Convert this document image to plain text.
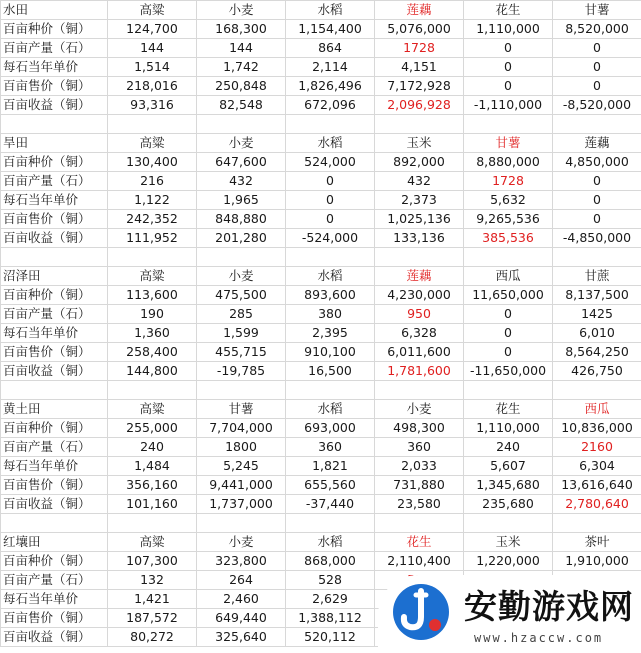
水田	高粱	小麦	水稻	莲藕	花生	甘薯
百亩种价（铜）	124,700	168,300	1,154,400	5,076,000	1,110,000	8,520,000
百亩产量（石）	144	144	864	1728	0	0
每石当年单价	1,514	1,742	2,114	4,151	0	0
百亩售价（铜）	218,016	250,848	1,826,496	7,172,928	0	0
百亩收益（铜）	93,316	82,548	672,096	2,096,928	-1,110,000	-8,520,000

旱田	高粱	小麦	水稻	玉米	甘薯	莲藕
百亩种价（铜）	130,400	647,600	524,000	892,000	8,880,000	4,850,000
百亩产量（石）	216	432	0	432	1728	0
每石当年单价	1,122	1,965	0	2,373	5,632	0
百亩售价（铜）	242,352	848,880	0	1,025,136	9,265,536	0
百亩收益（铜）	111,952	201,280	-524,000	133,136	385,536	-4,850,000

沼泽田	高粱	小麦	水稻	莲藕	西瓜	甘蔗
百亩种价（铜）	113,600	475,500	893,600	4,230,000	11,650,000	8,137,500
百亩产量（石）	190	285	380	950	0	1425
每石当年单价	1,360	1,599	2,395	6,328	0	6,010
百亩售价（铜）	258,400	455,715	910,100	6,011,600	0	8,564,250
百亩收益（铜）	144,800	-19,785	16,500	1,781,600	-11,650,000	426,750

黄土田	高粱	甘薯	水稻	小麦	花生	西瓜
百亩种价（铜）	255,000	7,704,000	693,000	498,300	1,110,000	10,836,000
百亩产量（石）	240	1800	360	360	240	2160
每石当年单价	1,484	5,245	1,821	2,033	5,607	6,304
百亩售价（铜）	356,160	9,441,000	655,560	731,880	1,345,680	13,616,640
百亩收益（铜）	101,160	1,737,000	-37,440	23,580	235,680	2,780,640

红壤田	高粱	小麦	水稻	花生	玉米	茶叶
百亩种价（铜）	107,300	323,800	868,000	2,110,400	1,220,000	1,910,000
百亩产量（石）	132	264	528			
每石当年单价	1,421	2,460	2,629			
百亩售价（铜）	187,572	649,440	1,388,112			
百亩收益（铜）	80,272	325,640	520,112			
安勤游戏网
www.hzaccw.com
